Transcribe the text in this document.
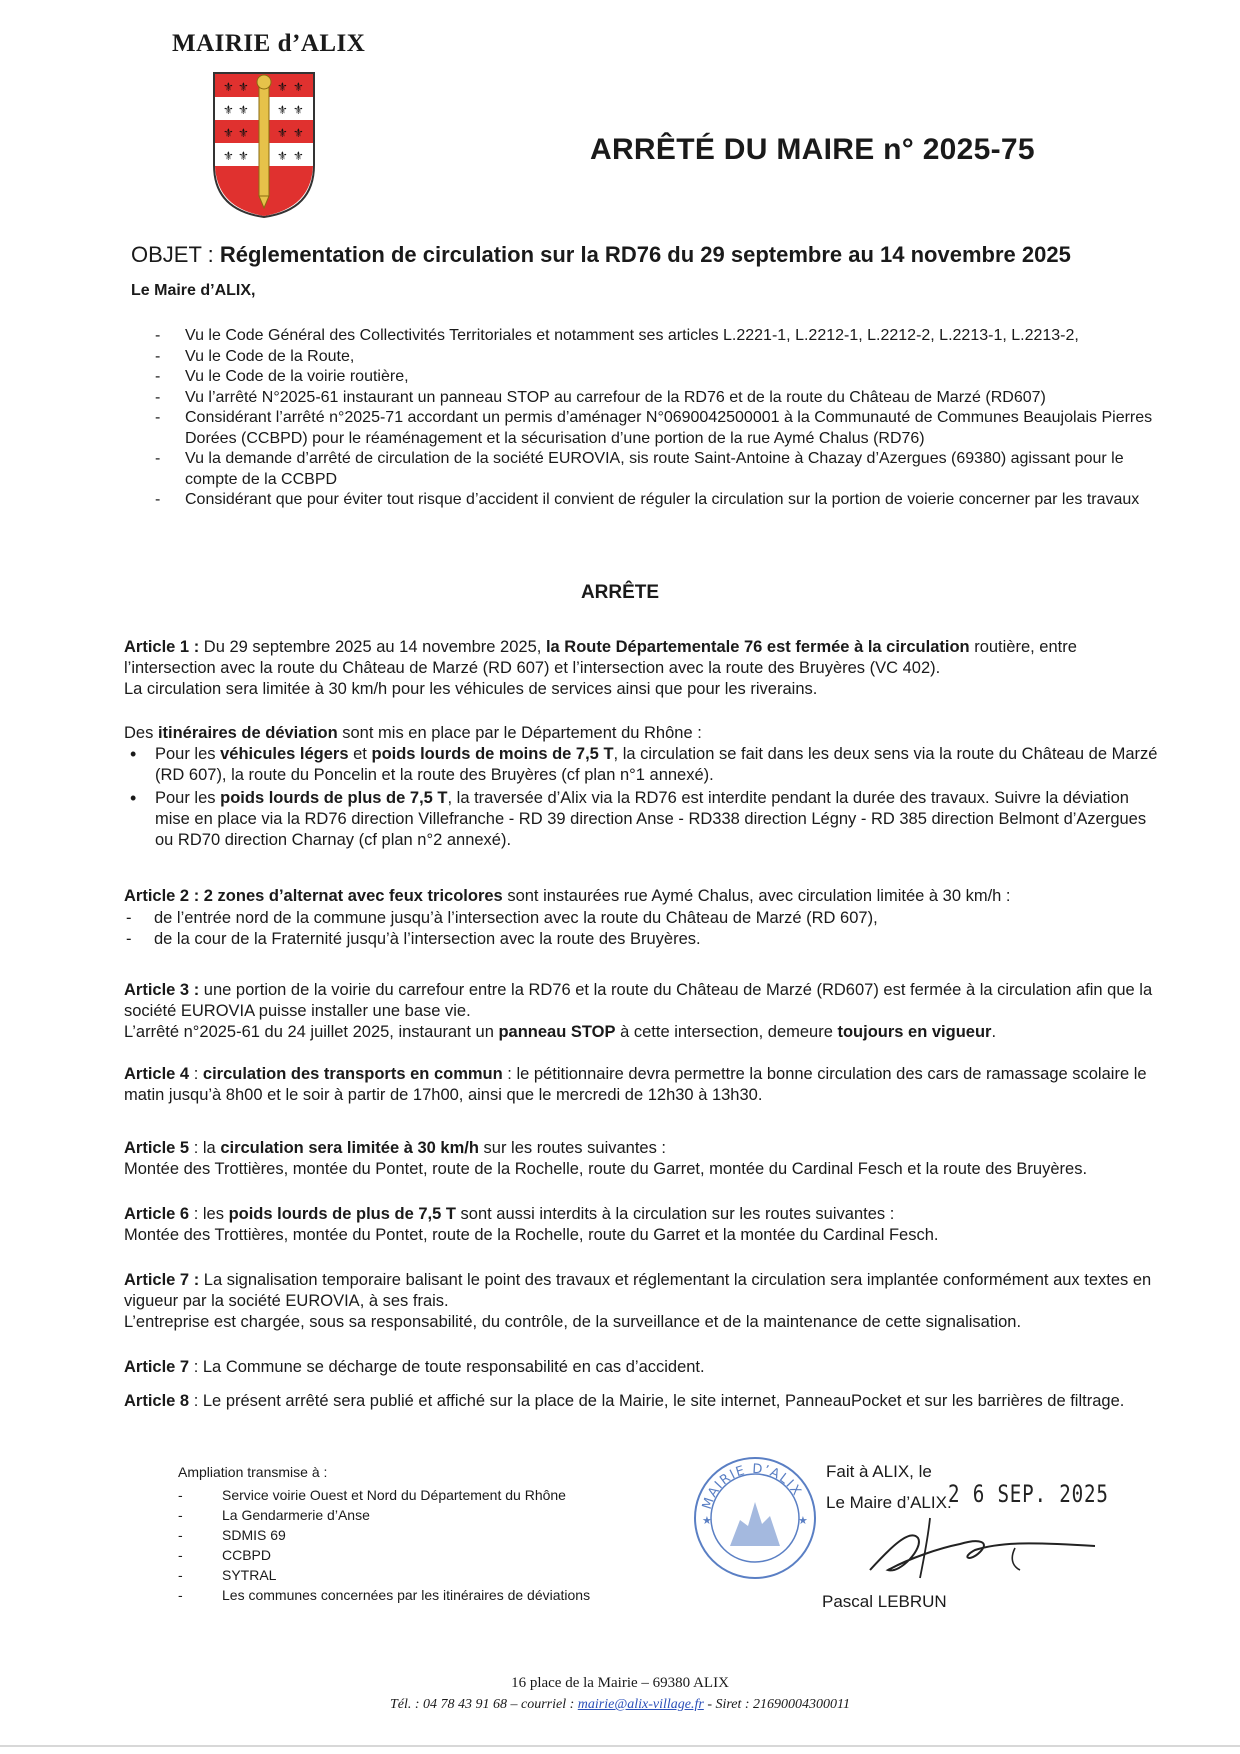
MAIRIE d’ALIX
⚜ ⚜ ⚜ ⚜
⚜ ⚜ ⚜ ⚜
⚜ ⚜ ⚜ ⚜
⚜ ⚜ ⚜ ⚜	ARRÊTÉ DU MAIRE n° 2025-75
OBJET : Réglementation de circulation sur la RD76 du 29 septembre au 14 novembre 2025
Le Maire d’ALIX,
- Vu le Code Général des Collectivités Territoriales et notamment ses articles L.2221-1, L.2212-1, L.2212-2, L.2213-1, L.2213-2,
- Vu le Code de la Route,
- Vu le Code de la voirie routière,
- Vu l’arrêté N°2025-61 instaurant un panneau STOP au carrefour de la RD76 et de la route du Château de Marzé (RD607)
- Considérant l’arrêté n°2025-71 accordant un permis d’aménager N°0690042500001 à la Communauté de Communes Beaujolais Pierres Dorées (CCBPD) pour le réaménagement et la sécurisation d’une portion de la rue Aymé Chalus (RD76)
- Vu la demande d’arrêté de circulation de la société EUROVIA, sis route Saint-Antoine à Chazay d’Azergues (69380) agissant pour le compte de la CCBPD
- Considérant que pour éviter tout risque d’accident il convient de réguler la circulation sur la portion de voierie concerner par les travaux
ARRÊTE
Article 1 : Du 29 septembre 2025 au 14 novembre 2025, la Route Départementale 76 est fermée à la circulation routière, entre l’intersection avec la route du Château de Marzé (RD 607) et l’intersection avec la route des Bruyères (VC 402).
La circulation sera limitée à 30 km/h pour les véhicules de services ainsi que pour les riverains.
Des itinéraires de déviation sont mis en place par le Département du Rhône :
• Pour les véhicules légers et poids lourds de moins de 7,5 T, la circulation se fait dans les deux sens via la route du Château de Marzé (RD 607), la route du Poncelin et la route des Bruyères (cf plan n°1 annexé).
• Pour les poids lourds de plus de 7,5 T, la traversée d’Alix via la RD76 est interdite pendant la durée des travaux. Suivre la déviation mise en place via la RD76 direction Villefranche - RD 39 direction Anse - RD338 direction Légny - RD 385 direction Belmont d’Azergues ou RD70 direction Charnay (cf plan n°2 annexé).
Article 2 : 2 zones d’alternat avec feux tricolores sont instaurées rue Aymé Chalus, avec circulation limitée à 30 km/h :
- de l’entrée nord de la commune jusqu’à l’intersection avec la route du Château de Marzé (RD 607),
- de la cour de la Fraternité jusqu’à l’intersection avec la route des Bruyères.
Article 3 : une portion de la voirie du carrefour entre la RD76 et la route du Château de Marzé (RD607) est fermée à la circulation afin que la société EUROVIA puisse installer une base vie.
L’arrêté n°2025-61 du 24 juillet 2025, instaurant un panneau STOP à cette intersection, demeure toujours en vigueur.
Article 4 : circulation des transports en commun : le pétitionnaire devra permettre la bonne circulation des cars de ramassage scolaire le matin jusqu’à 8h00 et le soir à partir de 17h00, ainsi que le mercredi de 12h30 à 13h30.
Article 5 : la circulation sera limitée à 30 km/h sur les routes suivantes :
Montée des Trottières, montée du Pontet, route de la Rochelle, route du Garret, montée du Cardinal Fesch et la route des Bruyères.
Article 6 : les poids lourds de plus de 7,5 T sont aussi interdits à la circulation sur les routes suivantes :
Montée des Trottières, montée du Pontet, route de la Rochelle, route du Garret et la montée du Cardinal Fesch.
Article 7 : La signalisation temporaire balisant le point des travaux et réglementant la circulation sera implantée conformément aux textes en vigueur par la société EUROVIA, à ses frais.
L’entreprise est chargée, sous sa responsabilité, du contrôle, de la surveillance et de la maintenance de cette signalisation.
Article 7 : La Commune se décharge de toute responsabilité en cas d’accident.
Article 8 : Le présent arrêté sera publié et affiché sur la place de la Mairie, le site internet, PanneauPocket et sur les barrières de filtrage.
Ampliation transmise à :
- Service voirie Ouest et Nord du Département du Rhône
- La Gendarmerie d’Anse
- SDMIS 69
- CCBPD
- SYTRAL
- Les communes concernées par les itinéraires de déviations
MAIRIE D’ALIX
★	★
Fait à ALIX, le
Le Maire d’ALIX.
2 6 SEP. 2025
Pascal LEBRUN
16 place de la Mairie – 69380 ALIX
Tél. : 04 78 43 91 68 – courriel : mairie@alix-village.fr - Siret : 21690004300011
